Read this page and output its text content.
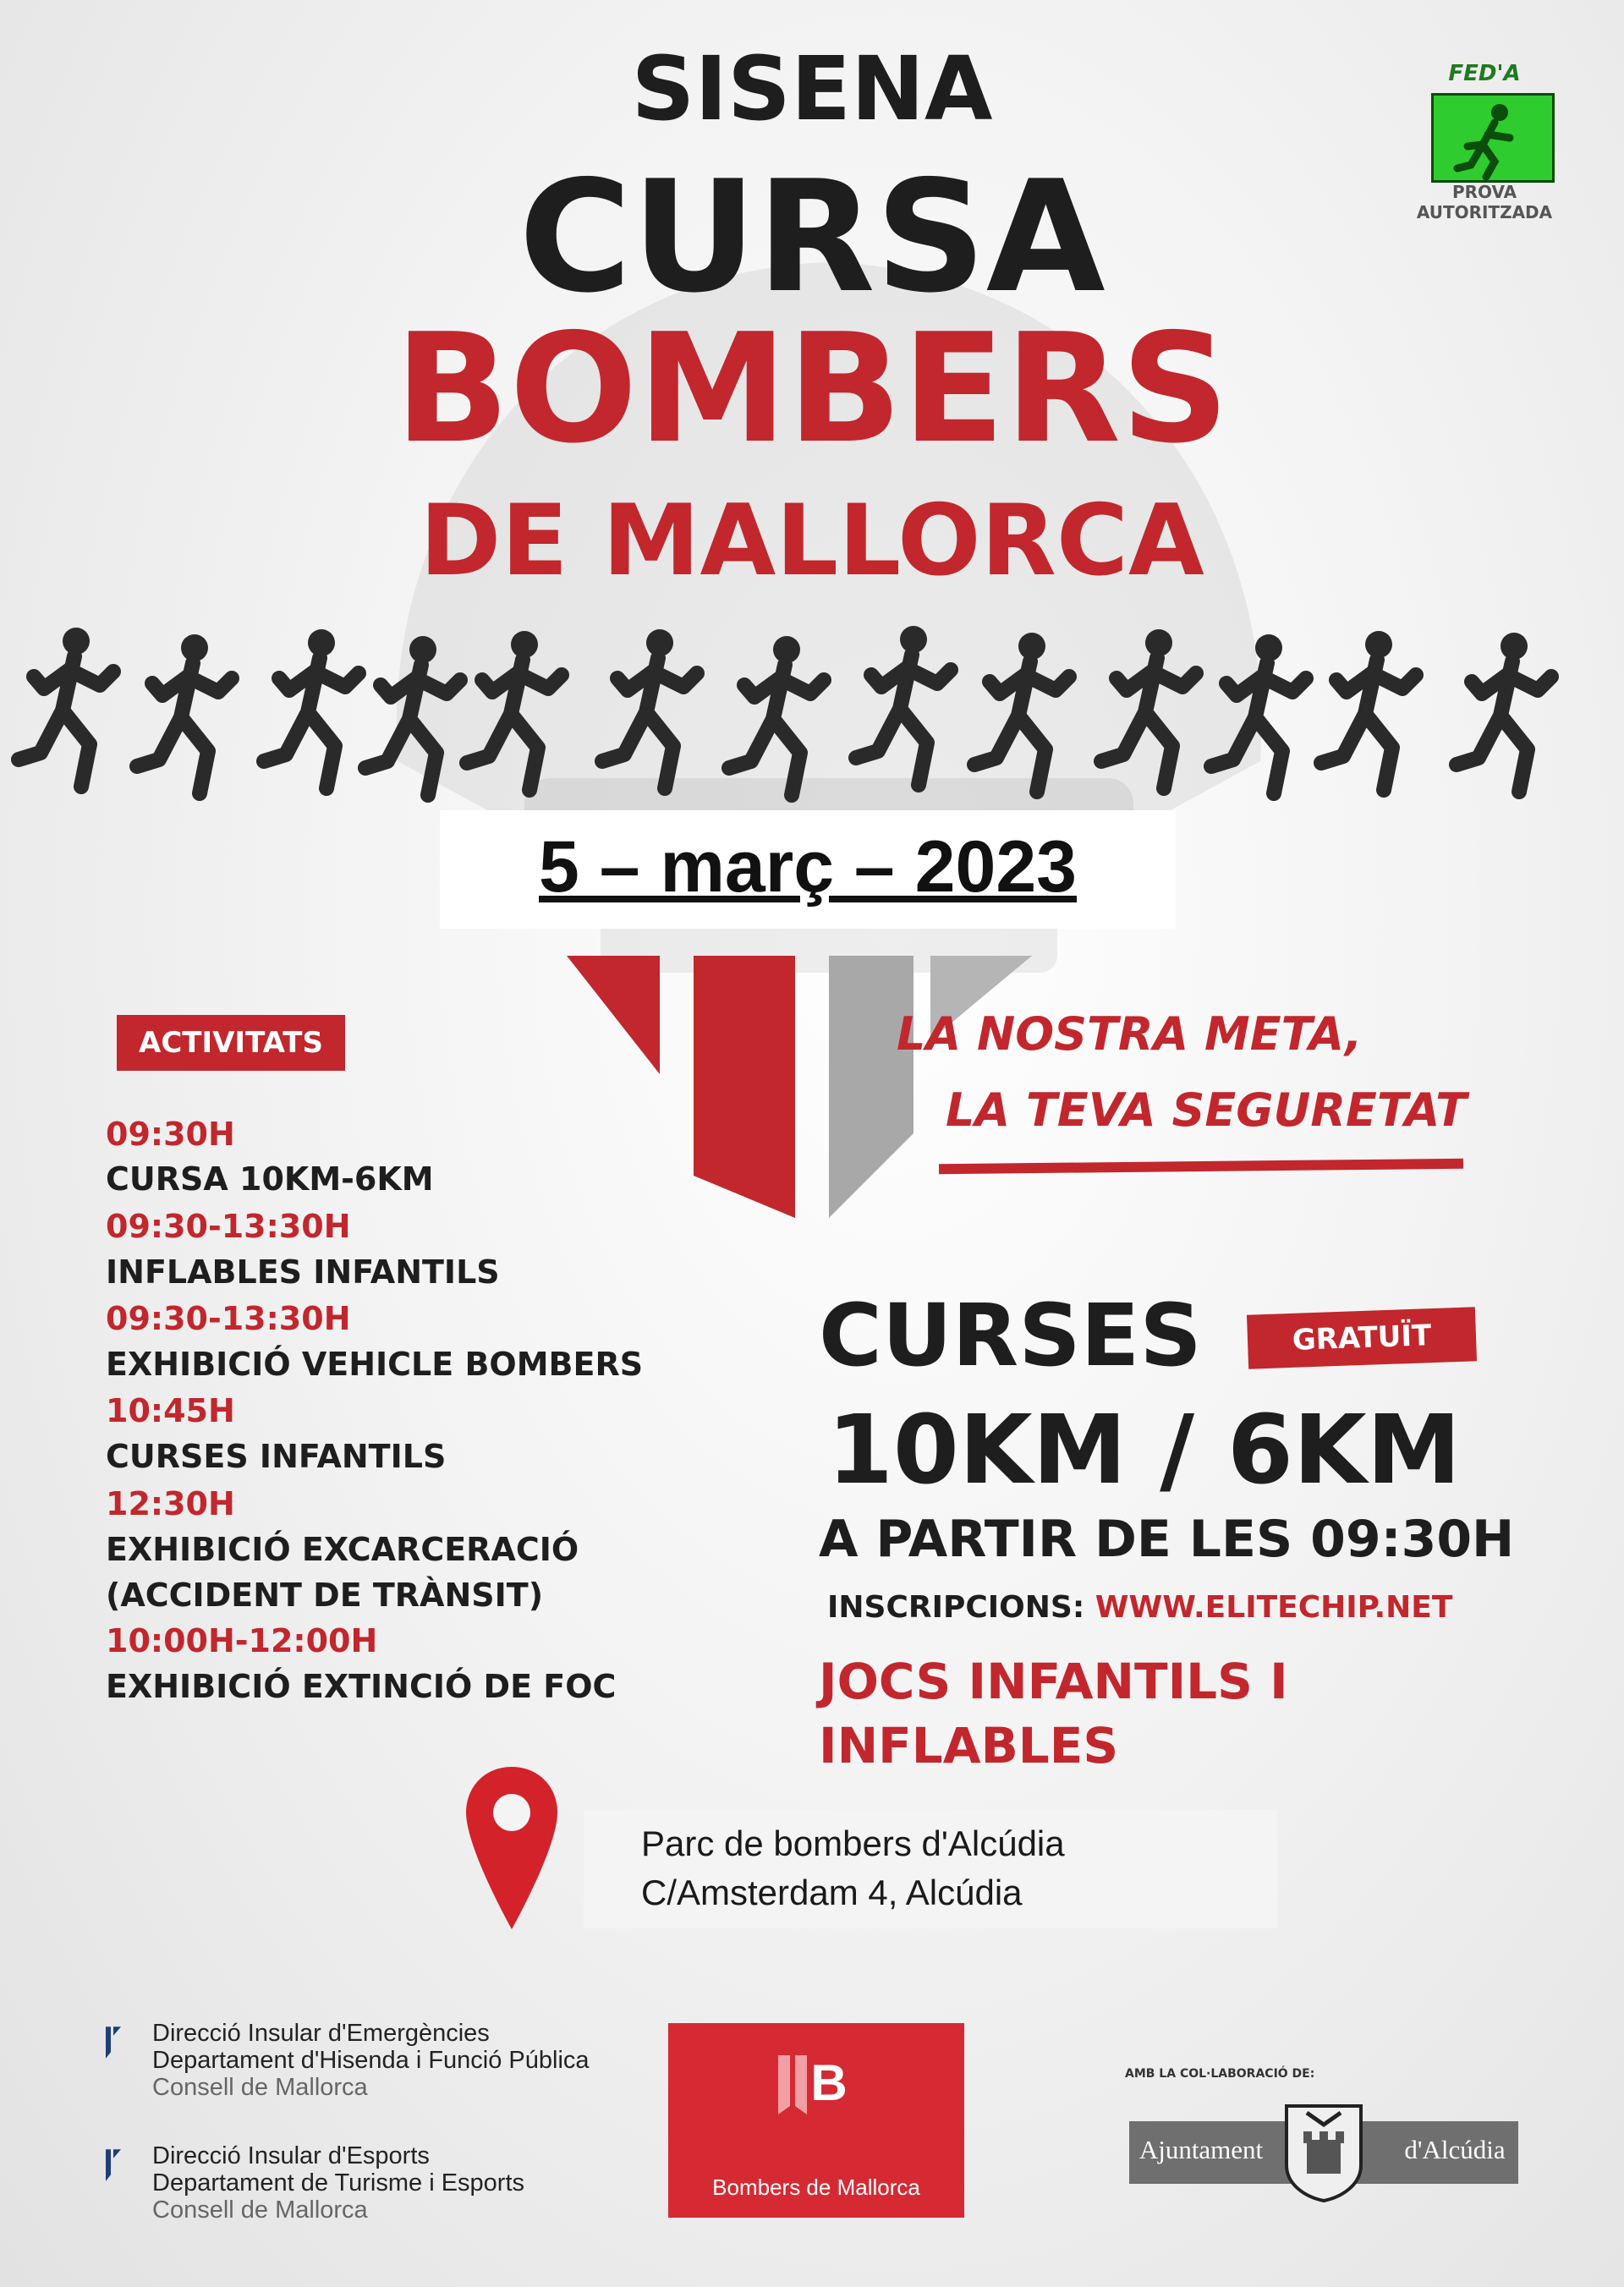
SISENA
CURSA
BOMBERS
DE MALLORCA
FED'A
PROVA AUTORITZADA
5 – març – 2023
LA NOSTRA META,
LA TEVA SEGURETAT
ACTIVITATS
09:30H
CURSA 10KM-6KM
09:30-13:30H
INFLABLES INFANTILS
09:30-13:30H
EXHIBICIÓ VEHICLE BOMBERS
10:45H
CURSES INFANTILS
12:30H
EXHIBICIÓ EXCARCERACIÓ
(ACCIDENT DE TRÀNSIT)
10:00H-12:00H
EXHIBICIÓ EXTINCIÓ DE FOC
CURSES	GRATUÏT
10KM / 6KM
A PARTIR DE LES 09:30H
INSCRIPCIONS: WWW.ELITECHIP.NET
JOCS INFANTILS I INFLABLES
Parc de bombers d'Alcúdia
C/Amsterdam 4, Alcúdia
Direcció Insular d'Emergències
Departament d'Hisenda i Funció Pública
Consell de Mallorca
Direcció Insular d'Esports
Departament de Turisme i Esports
Consell de Mallorca
B
Bombers de Mallorca
AMB LA COL·LABORACIÓ DE:
Ajuntament	d'Alcúdia
